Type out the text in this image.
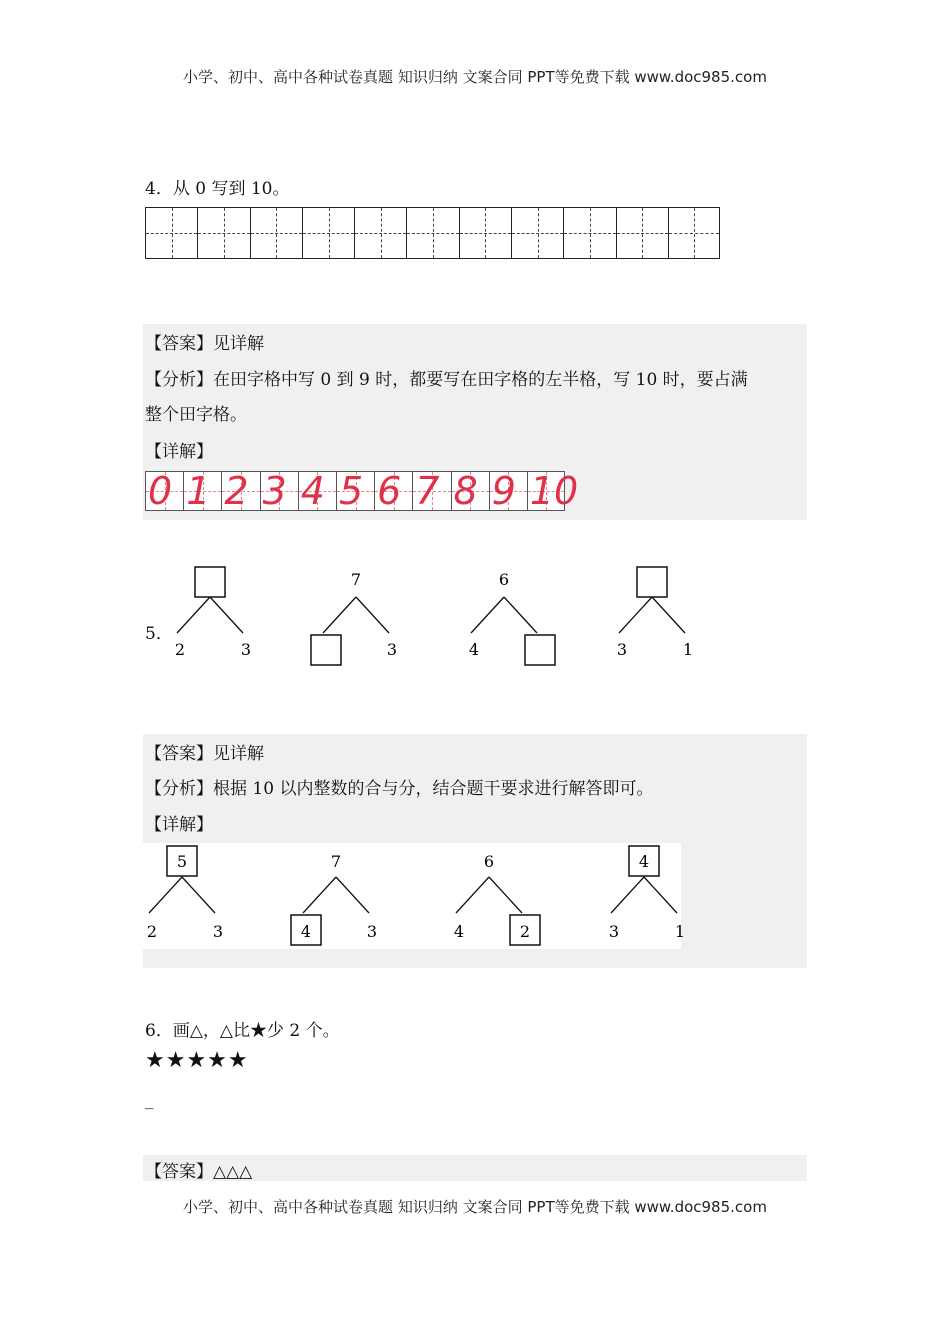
小学、初中、高中各种试卷真题 知识归纳 文案合同 PPT等免费下载 www.doc985.com
4．从 0 写到 10。
【答案】见详解
【分析】在田字格中写 0 到 9 时，都要写在田字格的左半格，写 10 时，要占满
整个田字格。
【详解】
0 1 2 3 4 5 6 7 8 9 10
2	3
7
3
6
4	3	1
5．
【答案】见详解
【分析】根据 10 以内整数的合与分，结合题干要求进行解答即可。
【详解】
5
2	3
7
4	3
6
4	2
4
3	1
6．画△，△比★少 2 个。
★★★★★
_
【答案】△△△
小学、初中、高中各种试卷真题 知识归纳 文案合同 PPT等免费下载 www.doc985.com
